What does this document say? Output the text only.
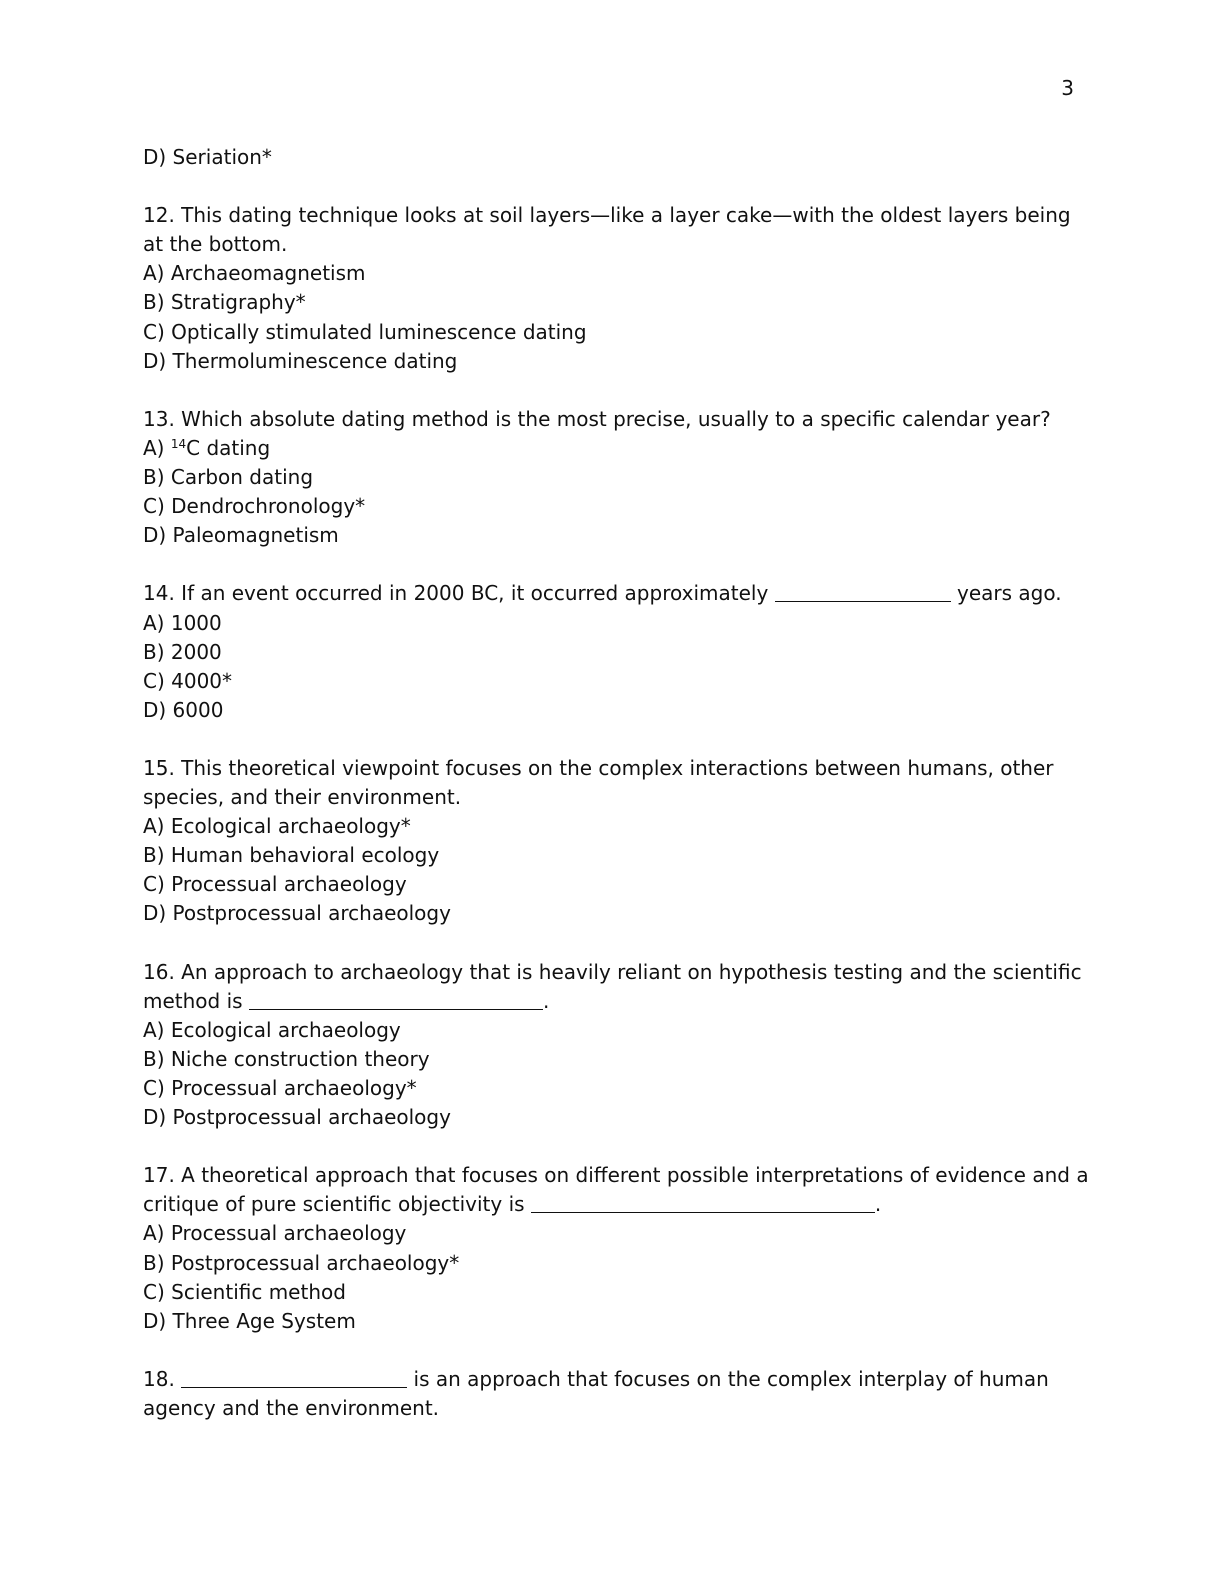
3
D) Seriation*
12. This dating technique looks at soil layers—like a layer cake—with the oldest layers being at the bottom.
A) Archaeomagnetism
B) Stratigraphy*
C) Optically stimulated luminescence dating
D) Thermoluminescence dating
13. Which absolute dating method is the most precise, usually to a specific calendar year?
A) $^{14}$C dating
B) Carbon dating
C) Dendrochronology*
D) Paleomagnetism
14. If an event occurred in 2000 BC, it occurred approximately	years ago.
A) 1000
B) 2000
C) 4000*
D) 6000
15. This theoretical viewpoint focuses on the complex interactions between humans, other species, and their environment.
A) Ecological archaeology*
B) Human behavioral ecology
C) Processual archaeology
D) Postprocessual archaeology
16. An approach to archaeology that is heavily reliant on hypothesis testing and the scientific
method is	.
A) Ecological archaeology
B) Niche construction theory
C) Processual archaeology*
D) Postprocessual archaeology
17. A theoretical approach that focuses on different possible interpretations of evidence and a
critique of pure scientific objectivity is	.
A) Processual archaeology
B) Postprocessual archaeology*
C) Scientific method
D) Three Age System
18.	is an approach that focuses on the complex interplay of human
agency and the environment.
